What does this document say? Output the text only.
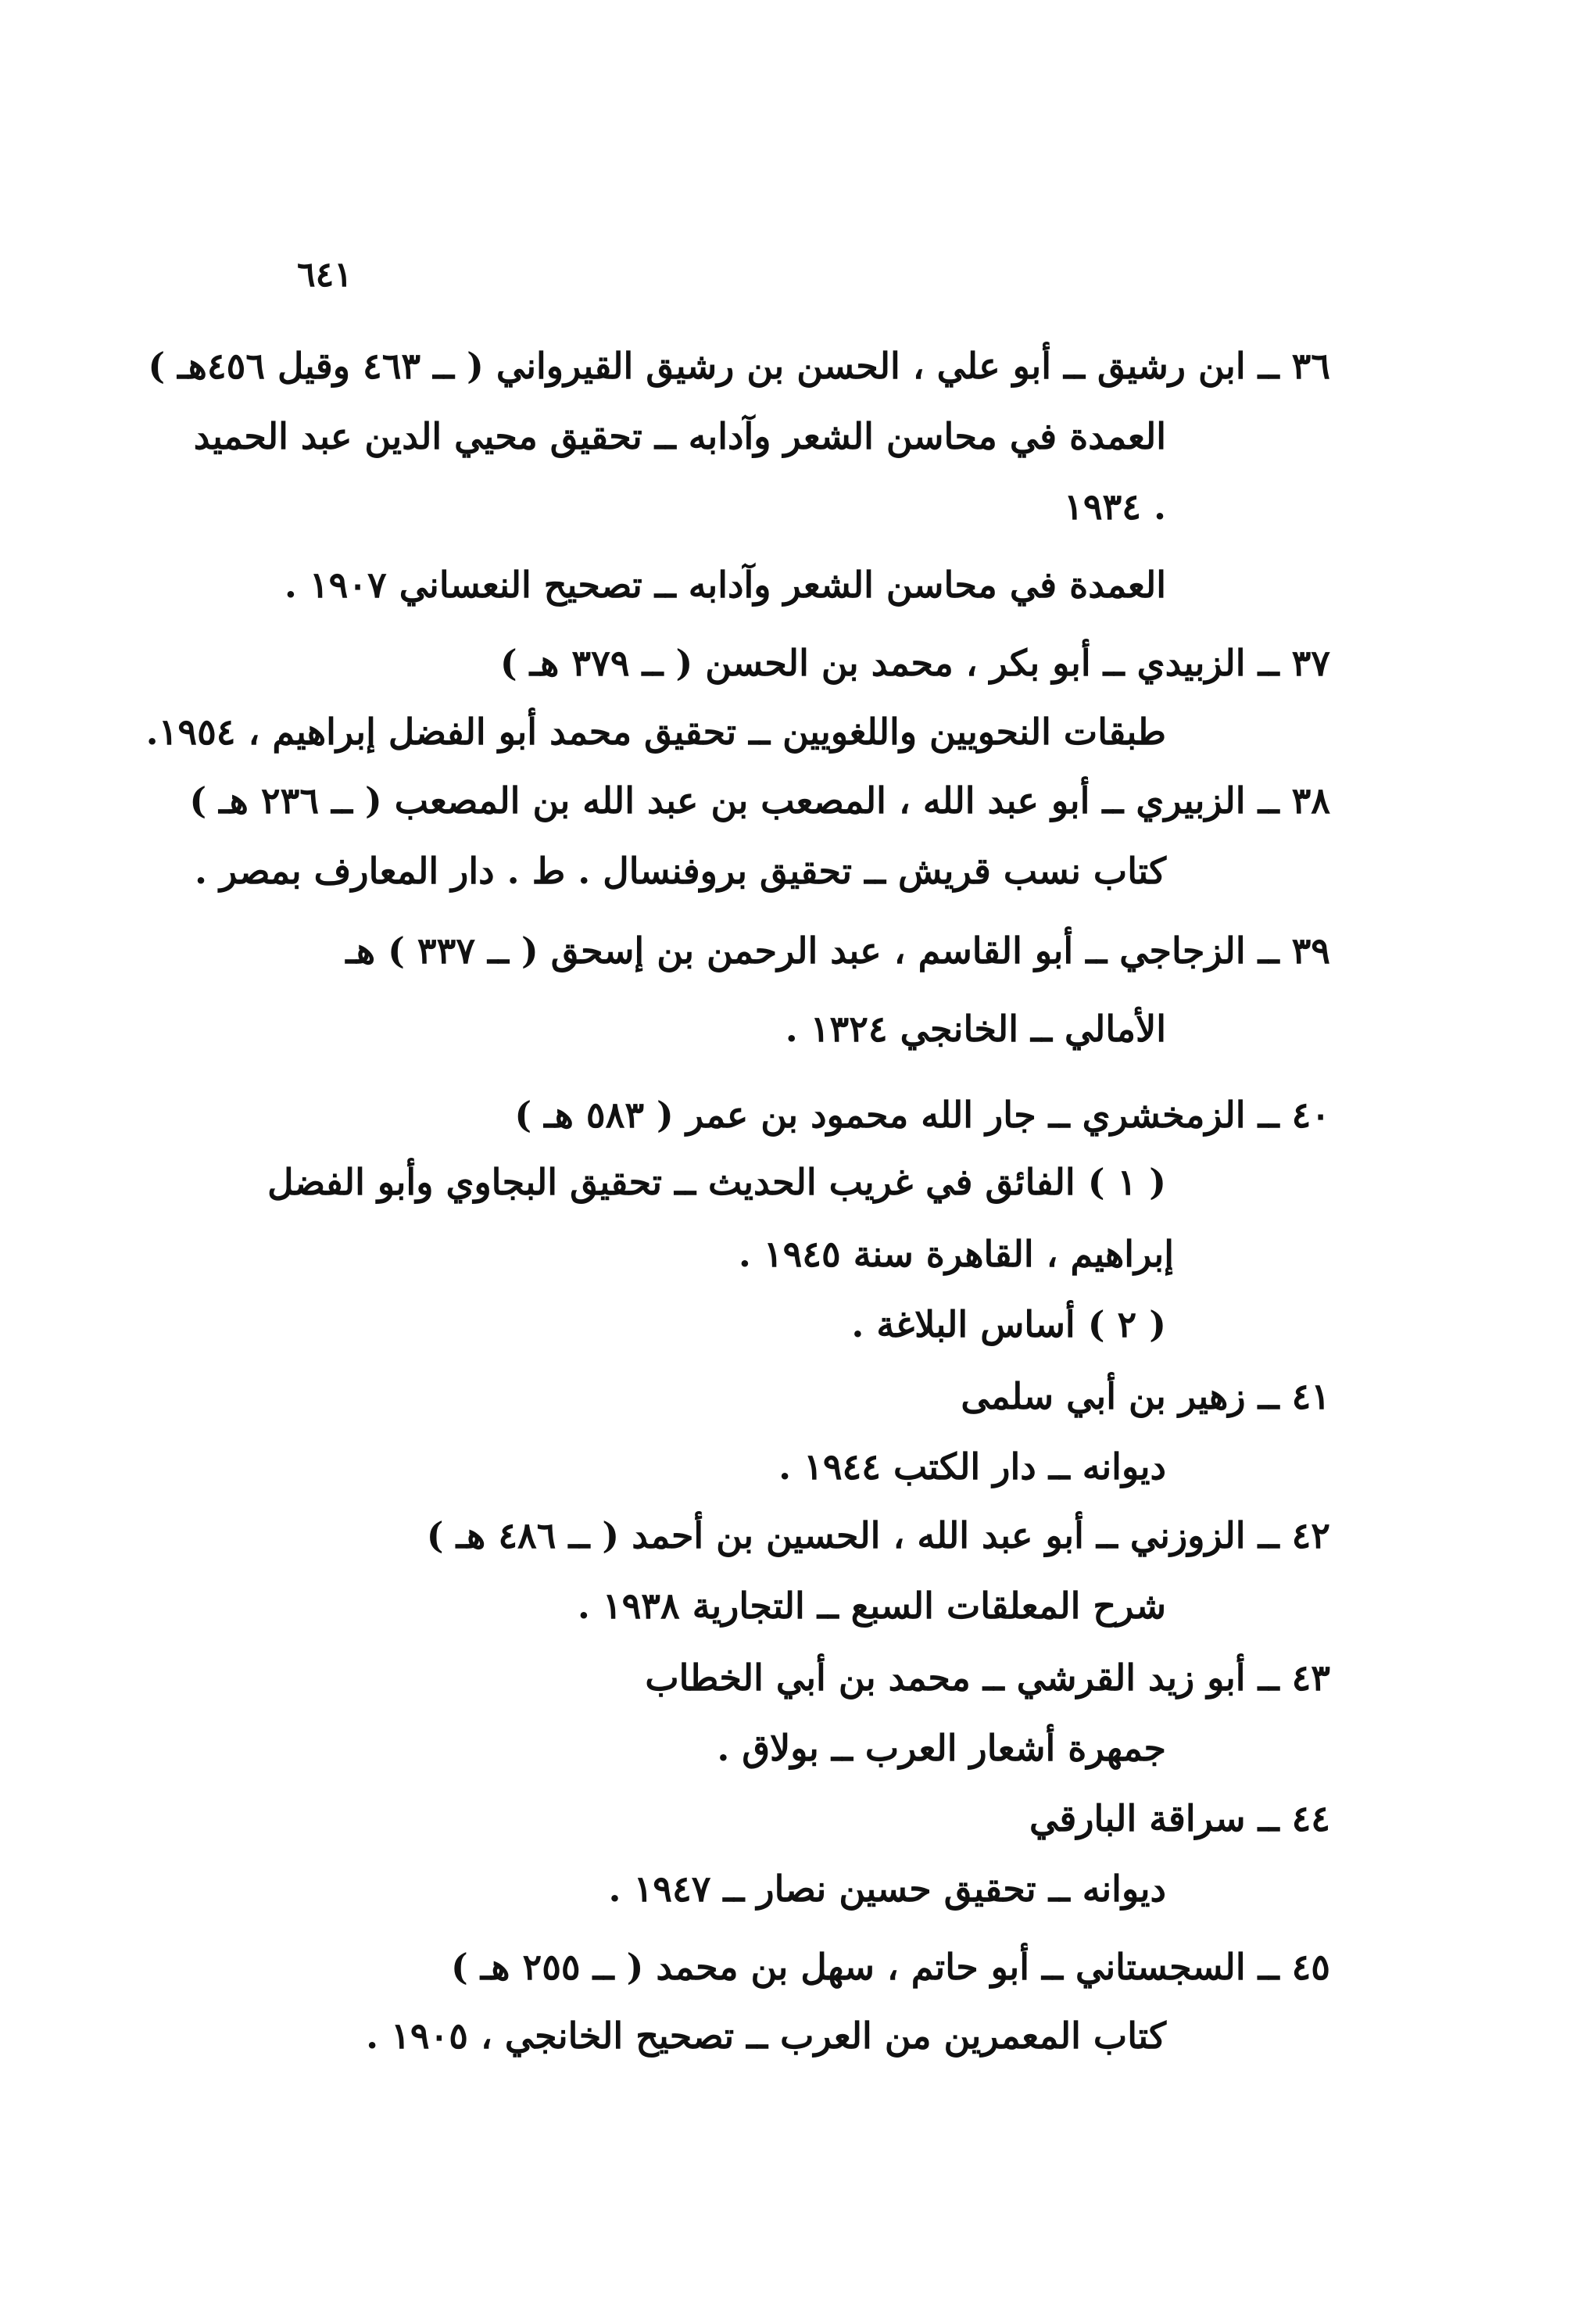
٦٤١
٣٦ ــ ابن رشيق ــ أبو علي ، الحسن بن رشيق القيرواني ( ــ ٤٦٣ وقيل ٤٥٦هـ )
العمدة في محاسن الشعر وآدابه ــ تحقيق محيي الدين عبد الحميد
. ١٩٣٤
العمدة في محاسن الشعر وآدابه ــ تصحيح النعساني ١٩٠٧ .
٣٧ ــ الزبيدي ــ أبو بكر ، محمد بن الحسن ( ــ ٣٧٩ هـ )
طبقات النحويين واللغويين ــ تحقيق محمد أبو الفضل إبراهيم ، ١٩٥٤.
٣٨ ــ الزبيري ــ أبو عبد الله ، المصعب بن عبد الله بن المصعب ( ــ ٢٣٦ هـ )
كتاب نسب قريش ــ تحقيق بروفنسال . ط . دار المعارف بمصر .
٣٩ ــ الزجاجي ــ أبو القاسم ، عبد الرحمن بن إسحق ( ــ ٣٣٧ ) هـ
الأمالي ــ الخانجي ١٣٢٤ .
٤٠ ــ الزمخشري ــ جار الله محمود بن عمر ( ٥٨٣ هـ )
( ١ ) الفائق في غريب الحديث ــ تحقيق البجاوي وأبو الفضل
إبراهيم ، القاهرة سنة ١٩٤٥ .
( ٢ ) أساس البلاغة .
٤١ ــ زهير بن أبي سلمى
ديوانه ــ دار الكتب ١٩٤٤ .
٤٢ ــ الزوزني ــ أبو عبد الله ، الحسين بن أحمد ( ــ ٤٨٦ هـ )
شرح المعلقات السبع ــ التجارية ١٩٣٨ .
٤٣ ــ أبو زيد القرشي ــ محمد بن أبي الخطاب
جمهرة أشعار العرب ــ بولاق .
٤٤ ــ سراقة البارقي
ديوانه ــ تحقيق حسين نصار ــ ١٩٤٧ .
٤٥ ــ السجستاني ــ أبو حاتم ، سهل بن محمد ( ــ ٢٥٥ هـ )
كتاب المعمرين من العرب ــ تصحيح الخانجي ، ١٩٠٥ .
